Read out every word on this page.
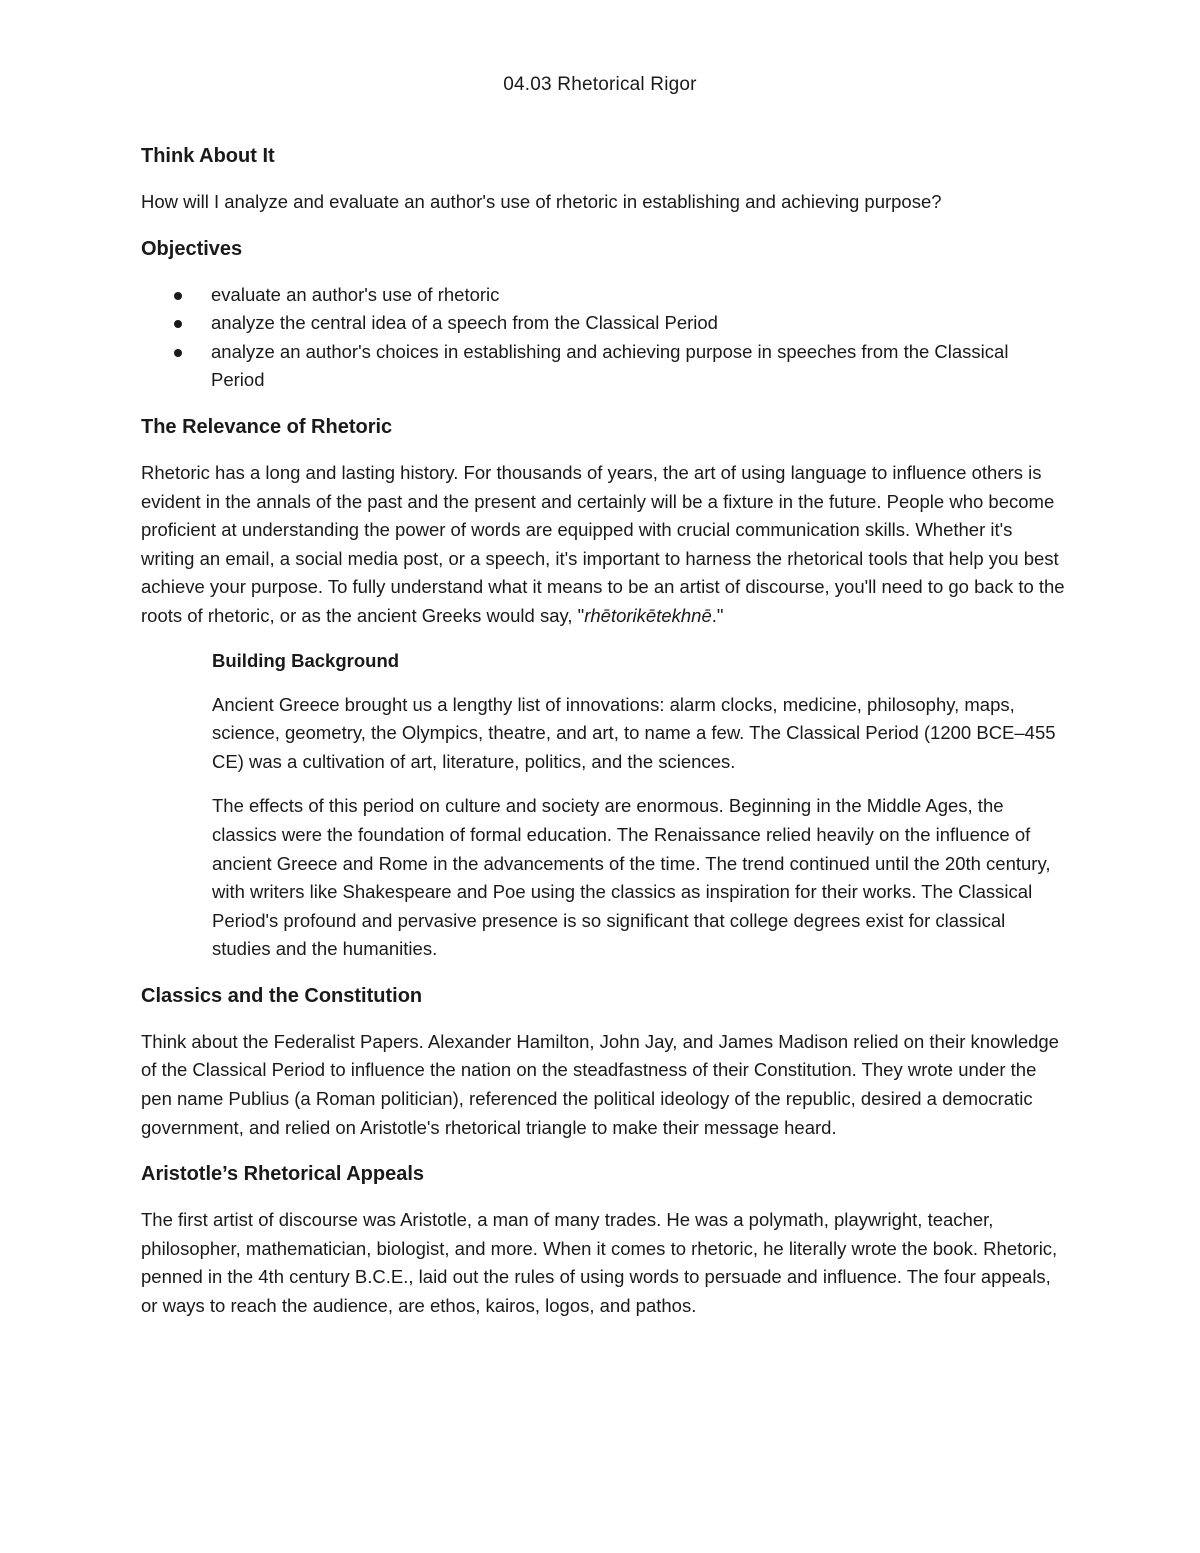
04.03 Rhetorical Rigor
Think About It

How will I analyze and evaluate an author's use of rhetoric in establishing and achieving purpose?

Objectives
evaluate an author's use of rhetoric
analyze the central idea of a speech from the Classical Period
analyze an author's choices in establishing and achieving purpose in speeches from the Classical Period
The Relevance of Rhetoric

Rhetoric has a long and lasting history. For thousands of years, the art of using language to influence others is evident in the annals of the past and the present and certainly will be a fixture in the future. People who become proficient at understanding the power of words are equipped with crucial communication skills. Whether it's writing an email, a social media post, or a speech, it's important to harness the rhetorical tools that help you best achieve your purpose. To fully understand what it means to be an artist of discourse, you'll need to go back to the roots of rhetoric, or as the ancient Greeks would say, "rhētorikētekhnē."

Building Background

Ancient Greece brought us a lengthy list of innovations: alarm clocks, medicine, philosophy, maps, science, geometry, the Olympics, theatre, and art, to name a few. The Classical Period (1200 BCE–455 CE) was a cultivation of art, literature, politics, and the sciences.

The effects of this period on culture and society are enormous. Beginning in the Middle Ages, the classics were the foundation of formal education. The Renaissance relied heavily on the influence of ancient Greece and Rome in the advancements of the time. The trend continued until the 20th century, with writers like Shakespeare and Poe using the classics as inspiration for their works. The Classical Period's profound and pervasive presence is so significant that college degrees exist for classical studies and the humanities.

Classics and the Constitution

Think about the Federalist Papers. Alexander Hamilton, John Jay, and James Madison relied on their knowledge of the Classical Period to influence the nation on the steadfastness of their Constitution. They wrote under the pen name Publius (a Roman politician), referenced the political ideology of the republic, desired a democratic government, and relied on Aristotle's rhetorical triangle to make their message heard.

Aristotle’s Rhetorical Appeals

The first artist of discourse was Aristotle, a man of many trades. He was a polymath, playwright, teacher, philosopher, mathematician, biologist, and more. When it comes to rhetoric, he literally wrote the book. Rhetoric, penned in the 4th century B.C.E., laid out the rules of using words to persuade and influence. The four appeals, or ways to reach the audience, are ethos, kairos, logos, and pathos.
